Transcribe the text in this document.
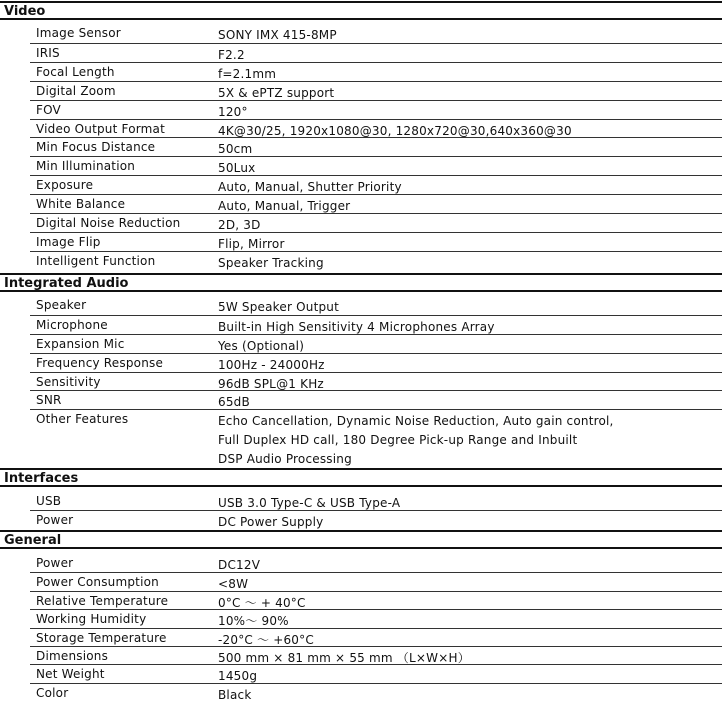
Video
Image Sensor	SONY IMX 415-8MP
IRIS	F2.2
Focal Length	f=2.1mm
Digital Zoom	5X & ePTZ support
FOV	120°
Video Output Format	4K@30/25, 1920x1080@30, 1280x720@30,640x360@30
Min Focus Distance	50cm
Min Illumination	50Lux
Exposure	Auto, Manual, Shutter Priority
White Balance	Auto, Manual, Trigger
Digital Noise Reduction	2D, 3D
Image Flip	Flip, Mirror
Intelligent Function	Speaker Tracking
Integrated Audio
Speaker	5W Speaker Output
Microphone	Built-in High Sensitivity 4 Microphones Array
Expansion Mic	Yes (Optional)
Frequency Response	100Hz - 24000Hz
Sensitivity	96dB SPL@1 KHz
SNR	65dB
Other Features	Echo Cancellation, Dynamic Noise Reduction, Auto gain control,
Full Duplex HD call, 180 Degree Pick-up Range and Inbuilt
DSP Audio Processing
Interfaces
USB	USB 3.0 Type-C & USB Type-A
Power	DC Power Supply
General
Power	DC12V
Power Consumption	<8W
Relative Temperature	0°C ～ + 40°C
Working Humidity	10%～ 90%
Storage Temperature	-20°C ～ +60°C
Dimensions	500 mm × 81 mm × 55 mm （L×W×H）
Net Weight	1450g
Color	Black
